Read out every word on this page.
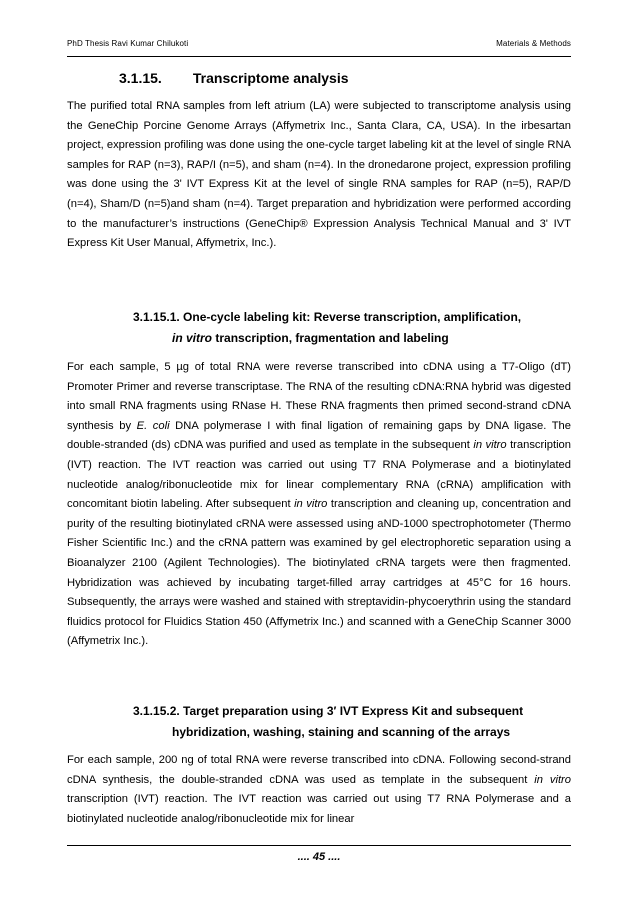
PhD Thesis Ravi Kumar Chilukoti	Materials & Methods
3.1.15. Transcriptome analysis

The purified total RNA samples from left atrium (LA) were subjected to transcriptome analysis using the GeneChip Porcine Genome Arrays (Affymetrix Inc., Santa Clara, CA, USA). In the irbesartan project, expression profiling was done using the one-cycle target labeling kit at the level of single RNA samples for RAP (n=3), RAP/I (n=5), and sham (n=4). In the dronedarone project, expression profiling was done using the 3' IVT Express Kit at the level of single RNA samples for RAP (n=5), RAP/D (n=4), Sham/D (n=5)and sham (n=4). Target preparation and hybridization were performed according to the manufacturer’s instructions (GeneChip® Expression Analysis Technical Manual and 3' IVT Express Kit User Manual, Affymetrix, Inc.).

3.1.15.1. One-cycle labeling kit: Reverse transcription, amplification,
in vitro transcription, fragmentation and labeling

For each sample, 5 µg of total RNA were reverse transcribed into cDNA using a T7-Oligo (dT) Promoter Primer and reverse transcriptase. The RNA of the resulting cDNA:RNA hybrid was digested into small RNA fragments using RNase H. These RNA fragments then primed second-strand cDNA synthesis by E. coli DNA polymerase I with final ligation of remaining gaps by DNA ligase. The double-stranded (ds) cDNA was purified and used as template in the subsequent in vitro transcription (IVT) reaction. The IVT reaction was carried out using T7 RNA Polymerase and a biotinylated nucleotide analog/ribonucleotide mix for linear complementary RNA (cRNA) amplification with concomitant biotin labeling. After subsequent in vitro transcription and cleaning up, concentration and purity of the resulting biotinylated cRNA were assessed using aND-1000 spectrophotometer (Thermo Fisher Scientific Inc.) and the cRNA pattern was examined by gel electrophoretic separation using a Bioanalyzer 2100 (Agilent Technologies). The biotinylated cRNA targets were then fragmented. Hybridization was achieved by incubating target-filled array cartridges at 45°C for 16 hours. Subsequently, the arrays were washed and stained with streptavidin-phycoerythrin using the standard fluidics protocol for Fluidics Station 450 (Affymetrix Inc.) and scanned with a GeneChip Scanner 3000 (Affymetrix Inc.).

3.1.15.2. Target preparation using 3′ IVT Express Kit and subsequent
hybridization, washing, staining and scanning of the arrays

For each sample, 200 ng of total RNA were reverse transcribed into cDNA. Following second-strand cDNA synthesis, the double-stranded cDNA was used as template in the subsequent in vitro transcription (IVT) reaction. The IVT reaction was carried out using T7 RNA Polymerase and a biotinylated nucleotide analog/ribonucleotide mix for linear

.... 45 ....
